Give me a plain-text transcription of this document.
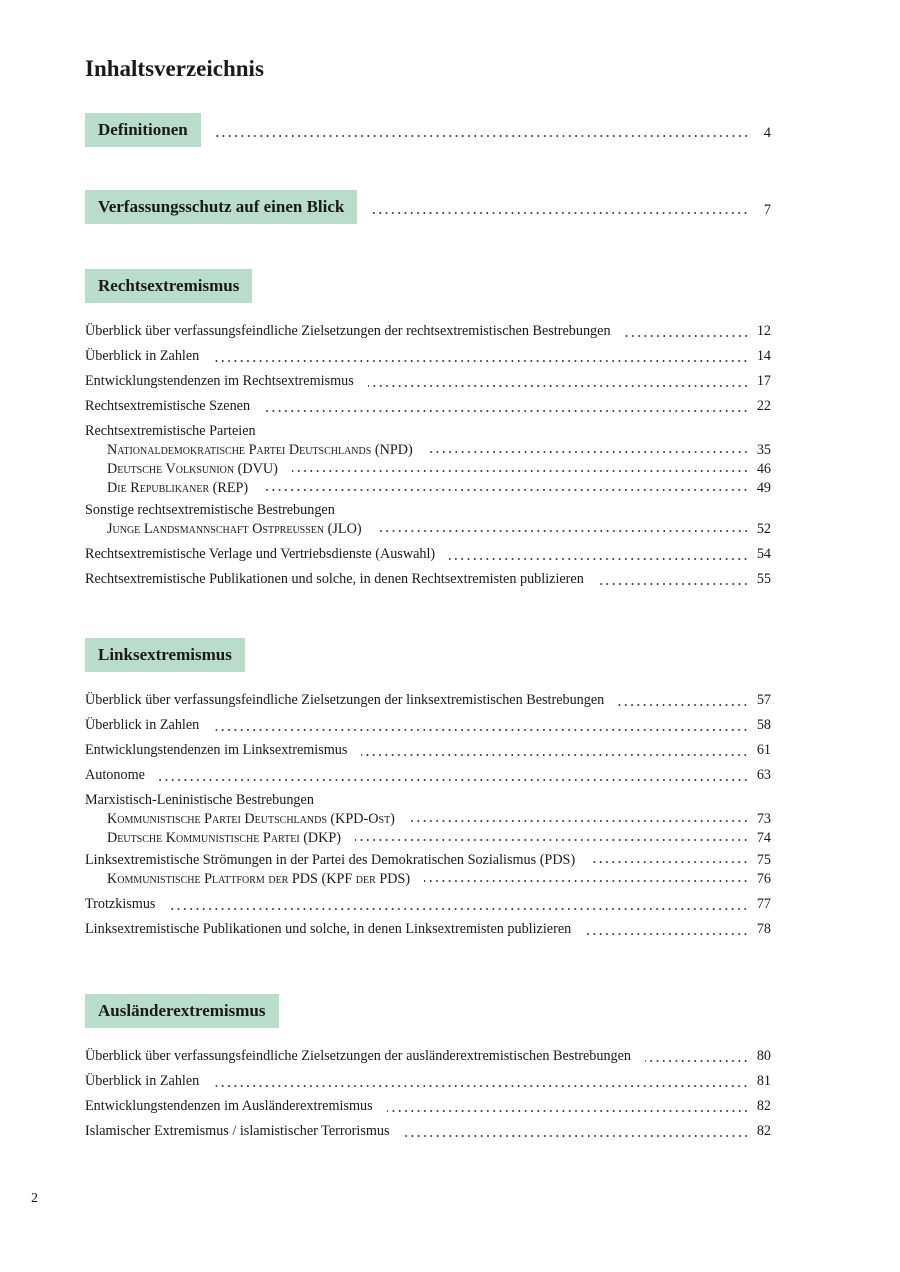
Inhaltsverzeichnis
Definitionen	4
Verfassungsschutz auf einen Blick	7
Rechtsextremismus
Überblick über verfassungsfeindliche Zielsetzungen der rechtsextremistischen Bestrebungen	12
Überblick in Zahlen	14
Entwicklungstendenzen im Rechtsextremismus	17
Rechtsextremistische Szenen	22
Rechtsextremistische Parteien
Nationaldemokratische Partei Deutschlands (NPD)	35
Deutsche Volksunion (DVU)	46
Die Republikaner (REP)	49
Sonstige rechtsextremistische Bestrebungen
Junge Landsmannschaft Ostpreussen (JLO)	52
Rechtsextremistische Verlage und Vertriebsdienste (Auswahl)	54
Rechtsextremistische Publikationen und solche, in denen Rechtsextremisten publizieren	55
Linksextremismus
Überblick über verfassungsfeindliche Zielsetzungen der linksextremistischen Bestrebungen	57
Überblick in Zahlen	58
Entwicklungstendenzen im Linksextremismus	61
Autonome	63
Marxistisch-Leninistische Bestrebungen
Kommunistische Partei Deutschlands (KPD-Ost)	73
Deutsche Kommunistische Partei (DKP)	74
Linksextremistische Strömungen in der Partei des Demokratischen Sozialismus (PDS)	75
Kommunistische Plattform der PDS (KPF der PDS)	76
Trotzkismus	77
Linksextremistische Publikationen und solche, in denen Linksextremisten publizieren	78
Ausländerextremismus
Überblick über verfassungsfeindliche Zielsetzungen der ausländerextremistischen Bestrebungen	80
Überblick in Zahlen	81
Entwicklungstendenzen im Ausländerextremismus	82
Islamischer Extremismus / islamistischer Terrorismus	82
2
